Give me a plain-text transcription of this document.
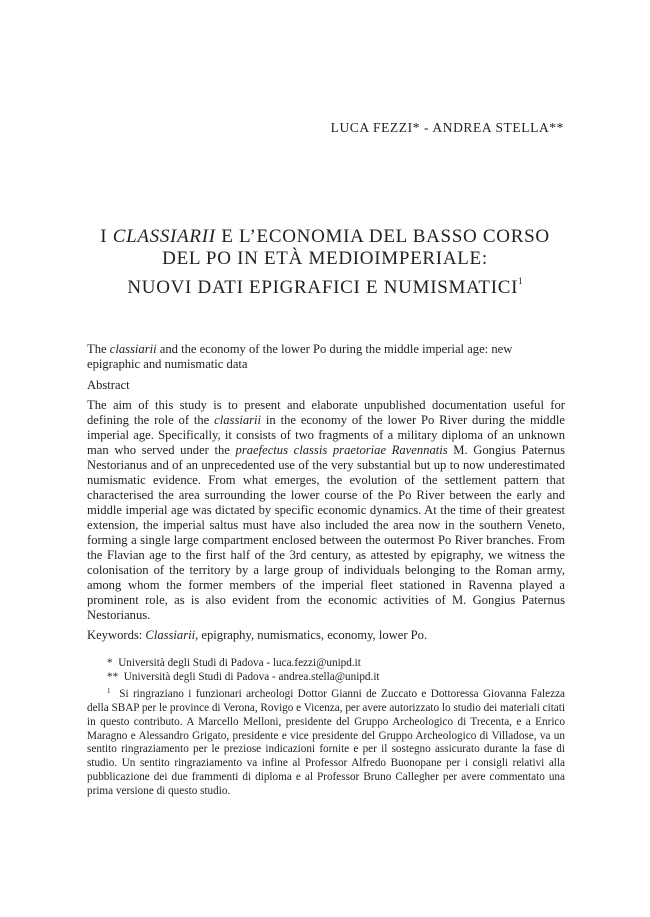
LUCA FEZZI* - ANDREA STELLA**
I CLASSIARII E L’ECONOMIA DEL BASSO CORSO
DEL PO IN ETÀ MEDIOIMPERIALE:
NUOVI DATI EPIGRAFICI E NUMISMATICI$^1$

The classiarii and the economy of the lower Po during the middle imperial age: new epigraphic and numismatic data

Abstract

The aim of this study is to present and elaborate unpublished documentation useful for defining the role of the classiarii in the economy of the lower Po River during the middle imperial age. Specifically, it consists of two fragments of a military diploma of an unknown man who served under the praefectus classis praetoriae Ravennatis M. Gongius Paternus Nestorianus and of an unprecedented use of the very substantial but up to now underestimated numismatic evidence. From what emerges, the evolution of the settlement pattern that characterised the area surrounding the lower course of the Po River between the early and middle imperial age was dictated by specific economic dynamics. At the time of their greatest extension, the imperial saltus must have also included the area now in the southern Veneto, forming a single large compartment enclosed between the outermost Po River branches. From the Flavian age to the first half of the 3rd century, as attested by epigraphy, we witness the colonisation of the territory by a large group of individuals belonging to the Roman army, among whom the former members of the imperial fleet stationed in Ravenna played a prominent role, as is also evident from the economic activities of M. Gongius Paternus Nestorianus.

Keywords: Classiarii, epigraphy, numismatics, economy, lower Po.

* Università degli Studi di Padova - luca.fezzi@unipd.it

** Università degli Studi di Padova - andrea.stella@unipd.it

$^1$ Si ringraziano i funzionari archeologi Dottor Gianni de Zuccato e Dottoressa Giovanna Falezza della SBAP per le province di Verona, Rovigo e Vicenza, per avere autorizzato lo studio dei materiali citati in questo contributo. A Marcello Melloni, presidente del Gruppo Archeologico di Trecenta, e a Enrico Maragno e Alessandro Grigato, presidente e vice presidente del Gruppo Archeologico di Villadose, va un sentito ringraziamento per le preziose indicazioni fornite e per il sostegno assicurato durante la fase di studio. Un sentito ringraziamento va infine al Professor Alfredo Buonopane per i consigli relativi alla pubblicazione dei due frammenti di diploma e al Professor Bruno Callegher per avere commentato una prima versione di questo studio.
